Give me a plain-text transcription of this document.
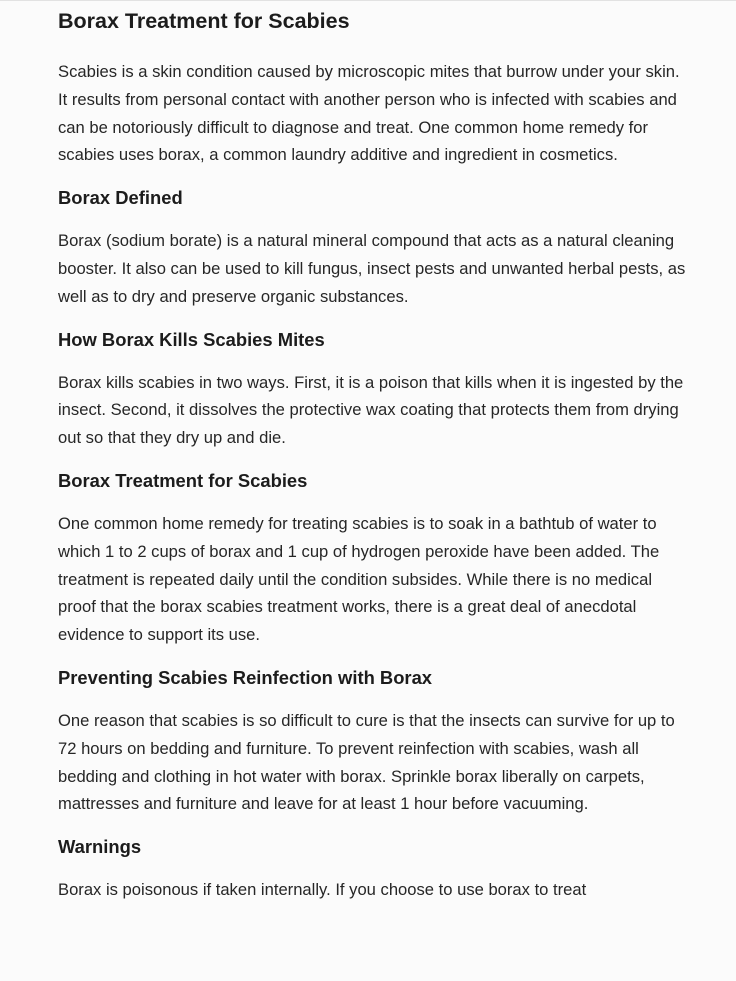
Borax Treatment for Scabies

Scabies is a skin condition caused by microscopic mites that burrow under your skin. It results from personal contact with another person who is infected with scabies and can be notoriously difficult to diagnose and treat. One common home remedy for scabies uses borax, a common laundry additive and ingredient in cosmetics.

Borax Defined

Borax (sodium borate) is a natural mineral compound that acts as a natural cleaning booster. It also can be used to kill fungus, insect pests and unwanted herbal pests, as well as to dry and preserve organic substances.

How Borax Kills Scabies Mites

Borax kills scabies in two ways. First, it is a poison that kills when it is ingested by the insect. Second, it dissolves the protective wax coating that protects them from drying out so that they dry up and die.

Borax Treatment for Scabies

One common home remedy for treating scabies is to soak in a bathtub of water to which 1 to 2 cups of borax and 1 cup of hydrogen peroxide have been added. The treatment is repeated daily until the condition subsides. While there is no medical proof that the borax scabies treatment works, there is a great deal of anecdotal evidence to support its use.

Preventing Scabies Reinfection with Borax

One reason that scabies is so difficult to cure is that the insects can survive for up to 72 hours on bedding and furniture. To prevent reinfection with scabies, wash all bedding and clothing in hot water with borax. Sprinkle borax liberally on carpets, mattresses and furniture and leave for at least 1 hour before vacuuming.

Warnings

Borax is poisonous if taken internally. If you choose to use borax to treat
